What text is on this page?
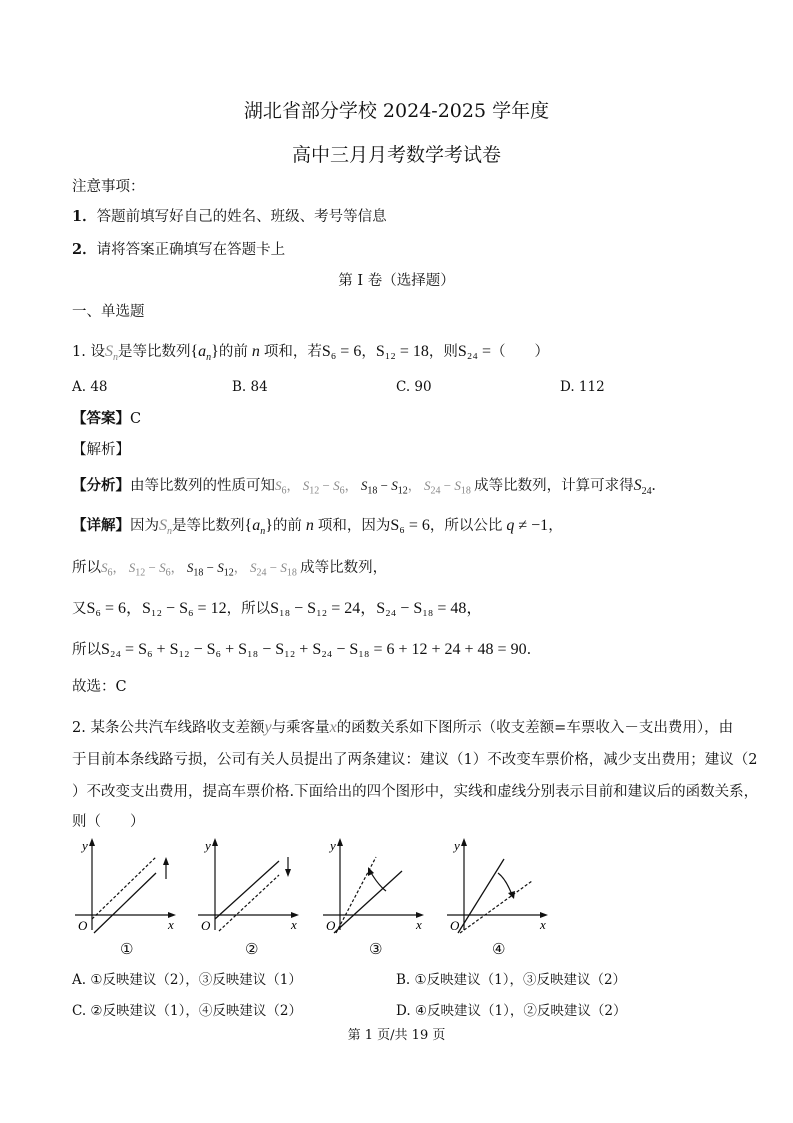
湖北省部分学校 2024-2025 学年度
高中三月月考数学考试卷
注意事项：
1．答题前填写好自己的姓名、班级、考号等信息
2．请将答案正确填写在答题卡上
第 I 卷（选择题）
一、单选题
1. 设$S_n$是等比数列$\{a_n\}$的前 n 项和，若S₆ = 6，S₁₂ = 18，则S₂₄ =（　　）
A. 48	B. 84	C. 90	D. 112
【答案】C
【解析】
【分析】由等比数列的性质可知$S_6$， $S_{12} - S_6$， $S_{18} - S_{12}$， $S_{24} - S_{18}$ 成等比数列，计算可求得$S_{24}$.
【详解】因为$S_n$是等比数列$\{a_n\}$的前 n 项和，因为S₆ = 6，所以公比 q ≠ −1，
所以$S_6$， $S_{12} - S_6$， $S_{18} - S_{12}$， $S_{24} - S_{18}$ 成等比数列，
又S₆ = 6，S₁₂ − S₆ = 12，所以S₁₈ − S₁₂ = 24，S₂₄ − S₁₈ = 48，
所以S₂₄ = S₆ + S₁₂ − S₆ + S₁₈ − S₁₂ + S₂₄ − S₁₈ = 6 + 12 + 24 + 48 = 90.
故选：C
2. 某条公共汽车线路收支差额y与乘客量x的函数关系如下图所示（收支差额=车票收入－支出费用），由
于目前本条线路亏损，公司有关人员提出了两条建议：建议（1）不改变车票价格，减少支出费用；建议（2
）不改变支出费用，提高车票价格.下面给出的四个图形中，实线和虚线分别表示目前和建议后的函数关系，
则（　　）
y
x
O
①
y
x
O
②
y
x
O
③
y
x
O
④
A. ①反映建议（2），③反映建议（1）	B. ①反映建议（1），③反映建议（2）
C. ②反映建议（1），④反映建议（2）	D. ④反映建议（1），②反映建议（2）
第 1 页/共 19 页
